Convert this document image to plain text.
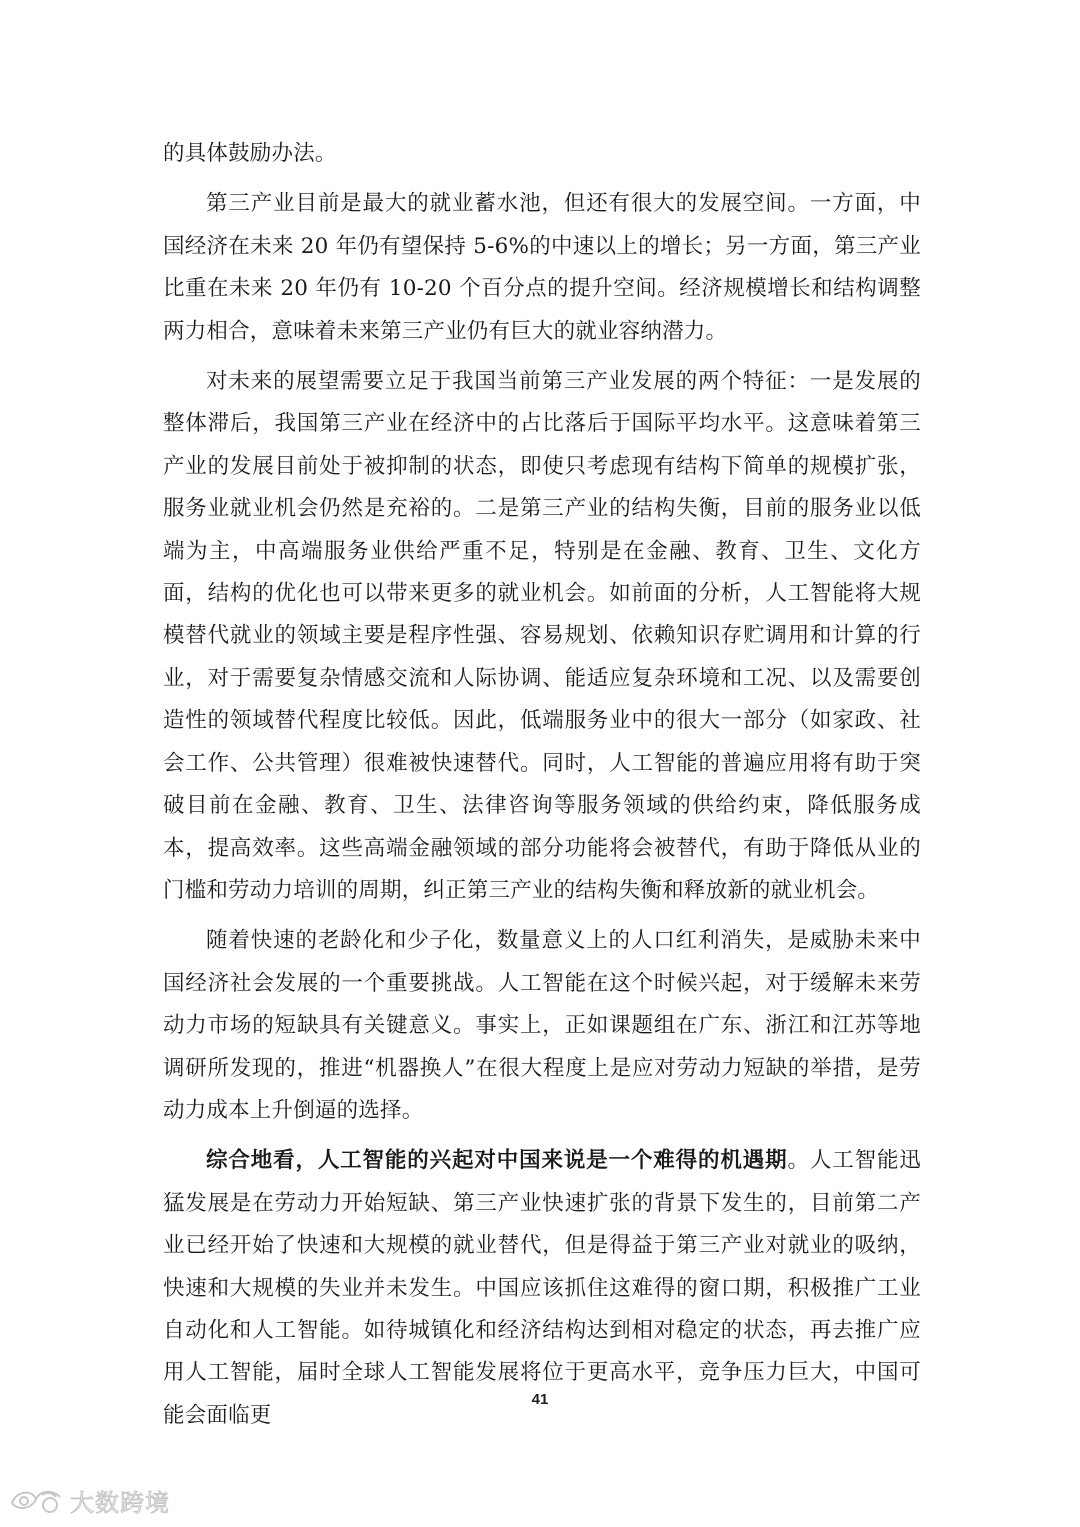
的具体鼓励办法。

第三产业目前是最大的就业蓄水池，但还有很大的发展空间。一方面，中国经济在未来 20 年仍有望保持 5-6%的中速以上的增长；另一方面，第三产业比重在未来 20 年仍有 10-20 个百分点的提升空间。经济规模增长和结构调整两力相合，意味着未来第三产业仍有巨大的就业容纳潜力。

对未来的展望需要立足于我国当前第三产业发展的两个特征：一是发展的整体滞后，我国第三产业在经济中的占比落后于国际平均水平。这意味着第三产业的发展目前处于被抑制的状态，即使只考虑现有结构下简单的规模扩张，服务业就业机会仍然是充裕的。二是第三产业的结构失衡，目前的服务业以低端为主，中高端服务业供给严重不足，特别是在金融、教育、卫生、文化方面，结构的优化也可以带来更多的就业机会。如前面的分析，人工智能将大规模替代就业的领域主要是程序性强、容易规划、依赖知识存贮调用和计算的行业，对于需要复杂情感交流和人际协调、能适应复杂环境和工况、以及需要创造性的领域替代程度比较低。因此，低端服务业中的很大一部分（如家政、社会工作、公共管理）很难被快速替代。同时，人工智能的普遍应用将有助于突破目前在金融、教育、卫生、法律咨询等服务领域的供给约束，降低服务成本，提高效率。这些高端金融领域的部分功能将会被替代，有助于降低从业的门槛和劳动力培训的周期，纠正第三产业的结构失衡和释放新的就业机会。

随着快速的老龄化和少子化，数量意义上的人口红利消失，是威胁未来中国经济社会发展的一个重要挑战。人工智能在这个时候兴起，对于缓解未来劳动力市场的短缺具有关键意义。事实上，正如课题组在广东、浙江和江苏等地调研所发现的，推进“机器换人”在很大程度上是应对劳动力短缺的举措，是劳动力成本上升倒逼的选择。

综合地看，人工智能的兴起对中国来说是一个难得的机遇期。人工智能迅猛发展是在劳动力开始短缺、第三产业快速扩张的背景下发生的，目前第二产业已经开始了快速和大规模的就业替代，但是得益于第三产业对就业的吸纳，快速和大规模的失业并未发生。中国应该抓住这难得的窗口期，积极推广工业自动化和人工智能。如待城镇化和经济结构达到相对稳定的状态，再去推广应用人工智能，届时全球人工智能发展将位于更高水平，竞争压力巨大，中国可能会面临更

41
大数跨境
